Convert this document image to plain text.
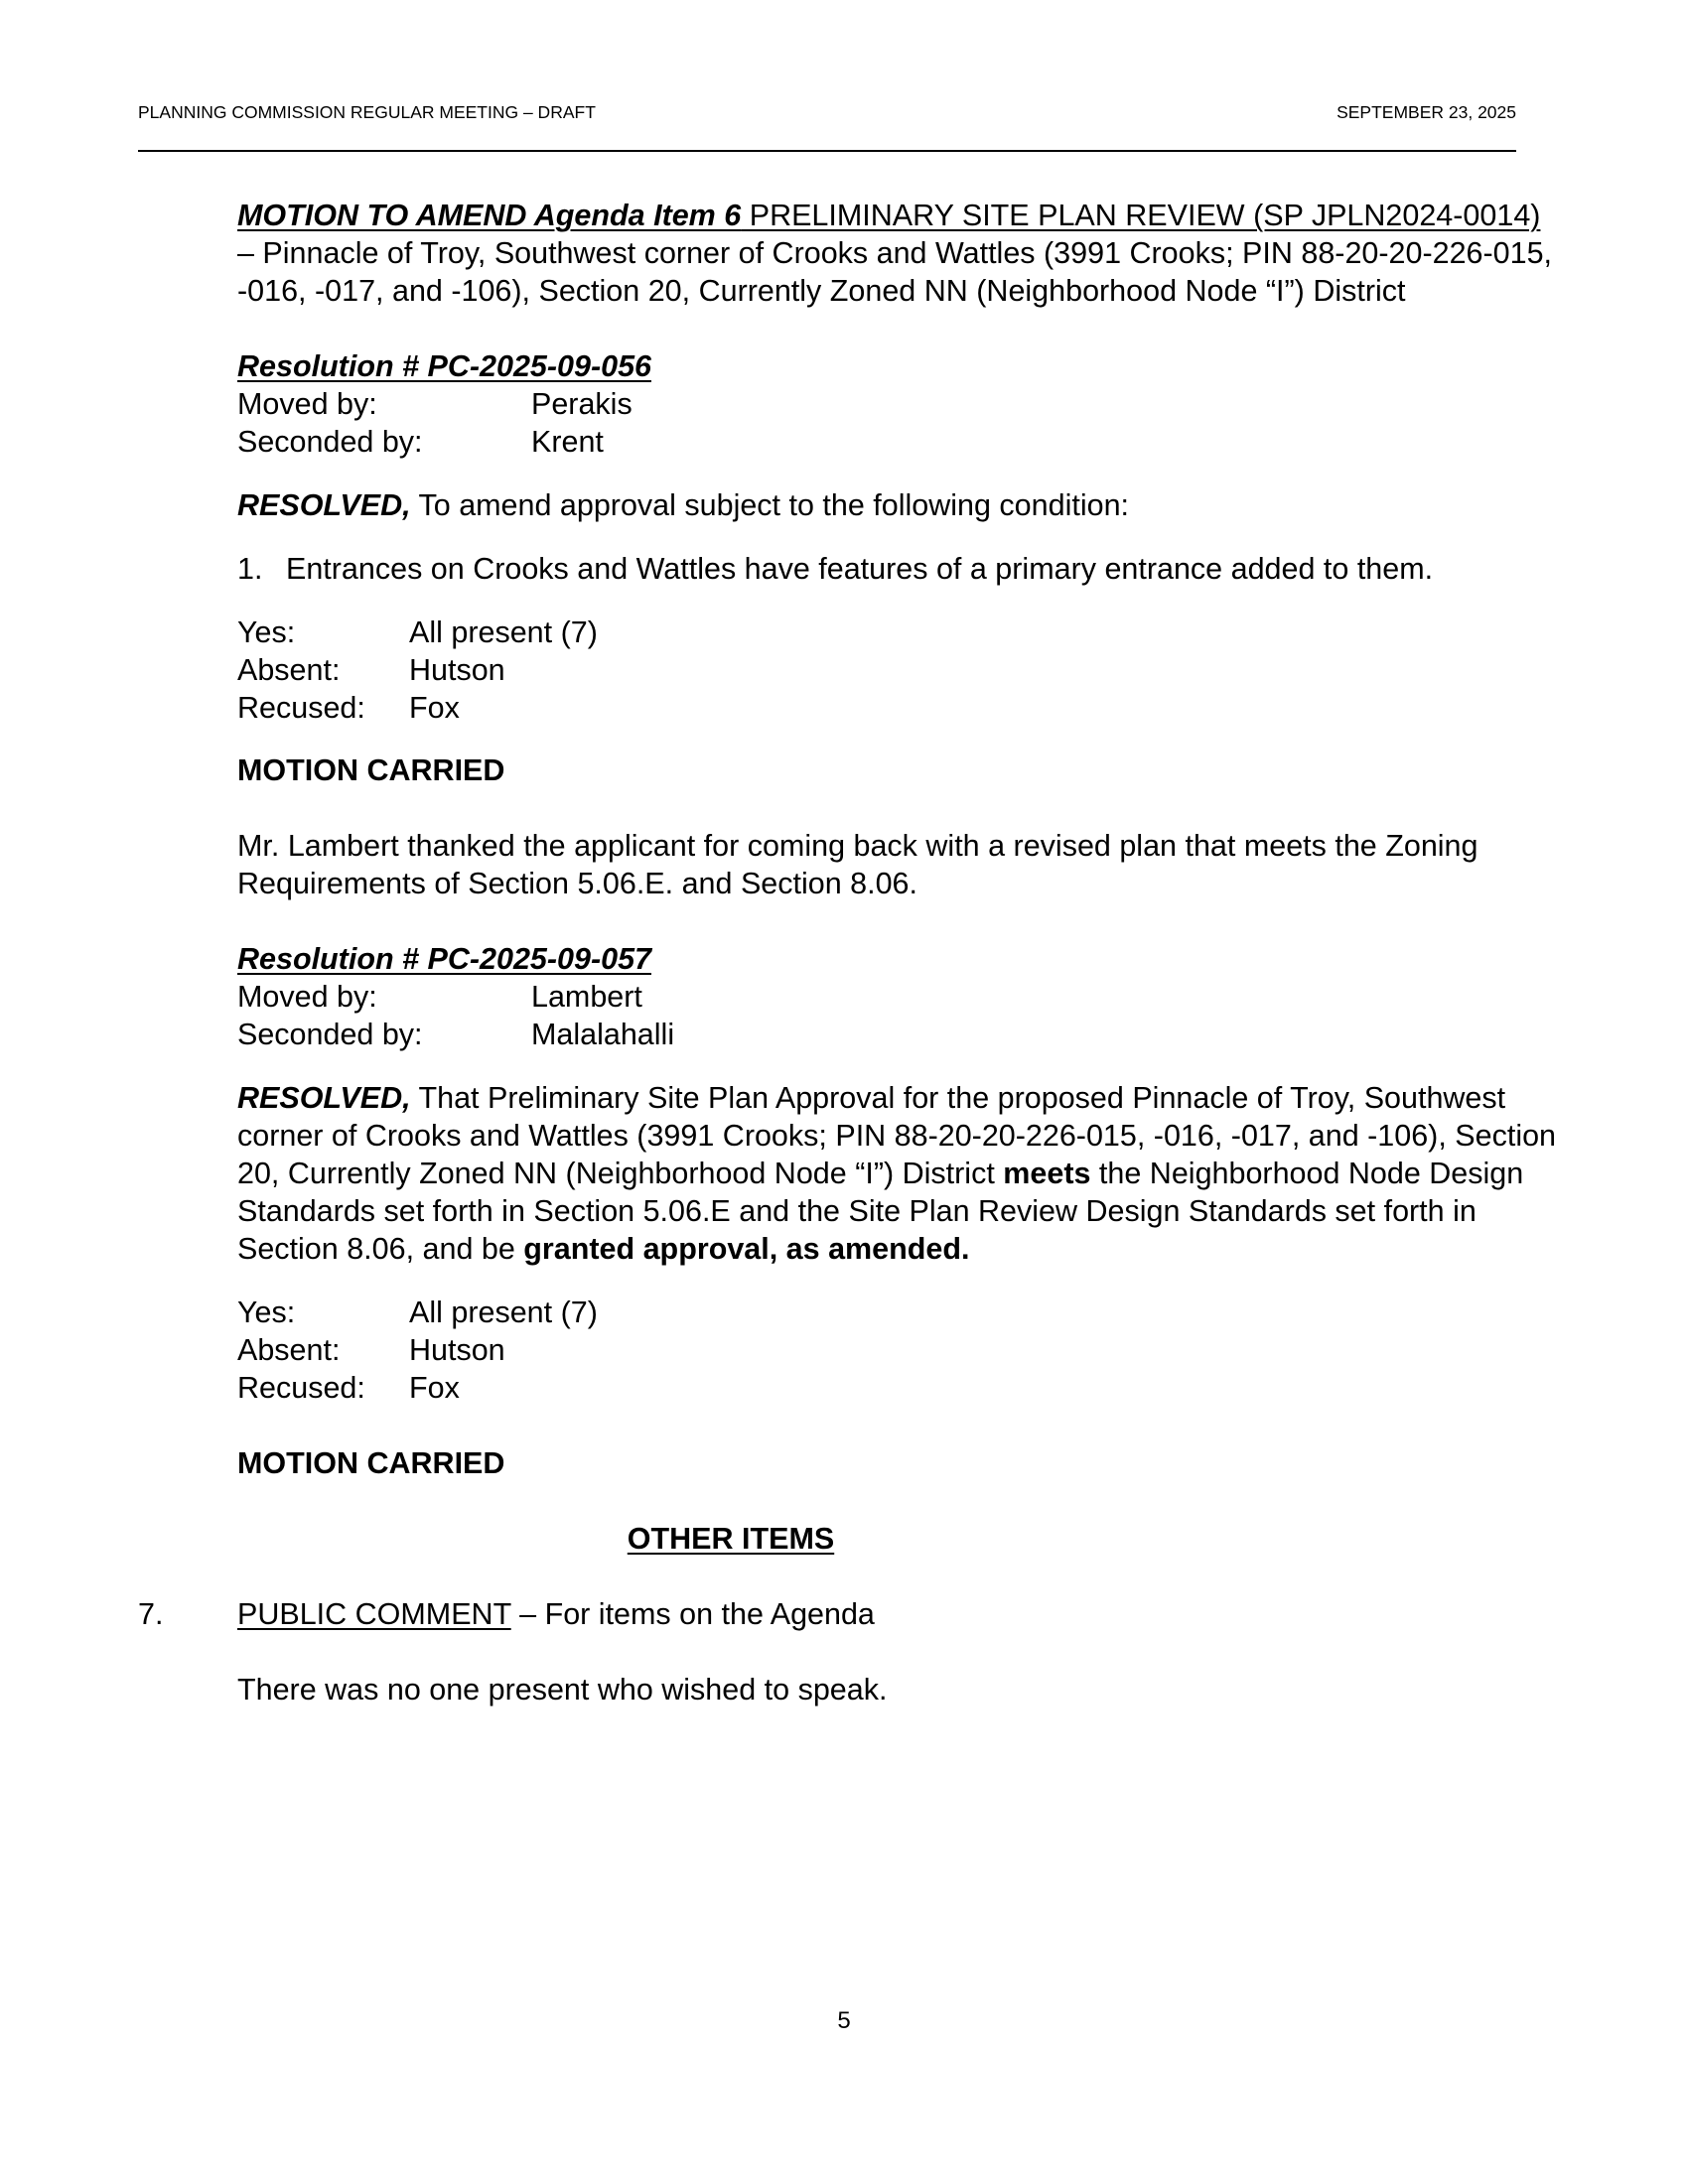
PLANNING COMMISSION REGULAR MEETING – DRAFT	SEPTEMBER 23, 2025

MOTION TO AMEND Agenda Item 6 PRELIMINARY SITE PLAN REVIEW (SP JPLN2024-0014) – Pinnacle of Troy, Southwest corner of Crooks and Wattles (3991 Crooks; PIN 88-20-20-226-015, -016, -017, and -106), Section 20, Currently Zoned NN (Neighborhood Node “I”) District

Resolution # PC-2025-09-056

Moved by:	Perakis
Seconded by:	Krent

RESOLVED, To amend approval subject to the following condition:

1. Entrances on Crooks and Wattles have features of a primary entrance added to them.
Yes:	All present (7)
Absent:	Hutson
Recused:	Fox

MOTION CARRIED

Mr. Lambert thanked the applicant for coming back with a revised plan that meets the Zoning Requirements of Section 5.06.E. and Section 8.06.

Resolution # PC-2025-09-057

Moved by:	Lambert
Seconded by:	Malalahalli

RESOLVED, That Preliminary Site Plan Approval for the proposed Pinnacle of Troy, Southwest corner of Crooks and Wattles (3991 Crooks; PIN 88-20-20-226-015, -016, -017, and -106), Section 20, Currently Zoned NN (Neighborhood Node “I”) District meets the Neighborhood Node Design Standards set forth in Section 5.06.E and the Site Plan Review Design Standards set forth in Section 8.06, and be granted approval, as amended.

Yes:	All present (7)
Absent:	Hutson
Recused:	Fox

MOTION CARRIED

OTHER ITEMS
7.	PUBLIC COMMENT – For items on the Agenda

There was no one present who wished to speak.

5
